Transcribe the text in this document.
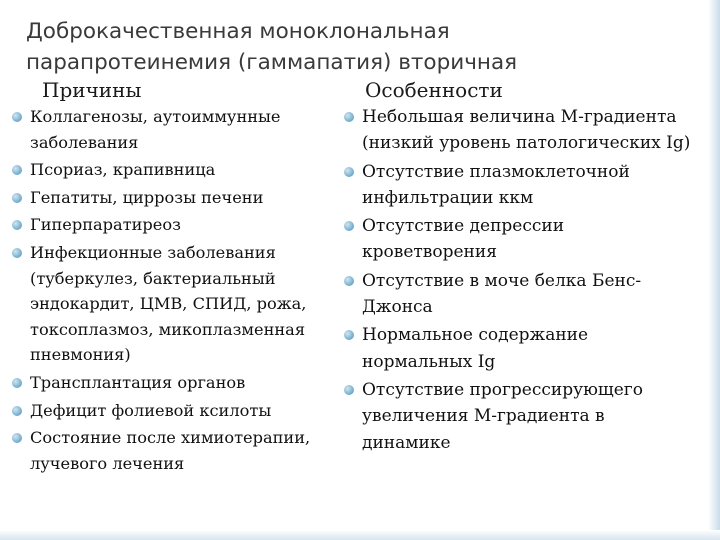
Доброкачественная моноклональная
парапротеинемия (гаммапатия) вторичная
Причины	Особенности
Коллагенозы, аутоиммунные
заболевания
Псориаз, крапивница
Гепатиты, циррозы печени
Гиперпаратиреоз
Инфекционные заболевания
(туберкулез, бактериальный
эндокардит, ЦМВ, СПИД, рожа,
токсоплазмоз, микоплазменная
пневмония)
Трансплантация органов
Дефицит фолиевой ксилоты
Состояние после химиотерапии,
лучевого лечения
Небольшая величина М-градиента
(низкий уровень патологических Ig)
Отсутствие плазмоклеточной
инфильтрации ккм
Отсутствие депрессии
кроветворения
Отсутствие в моче белка Бенс-
Джонса
Нормальное содержание
нормальных Ig
Отсутствие прогрессирующего
увеличения М-градиента в
динамике
